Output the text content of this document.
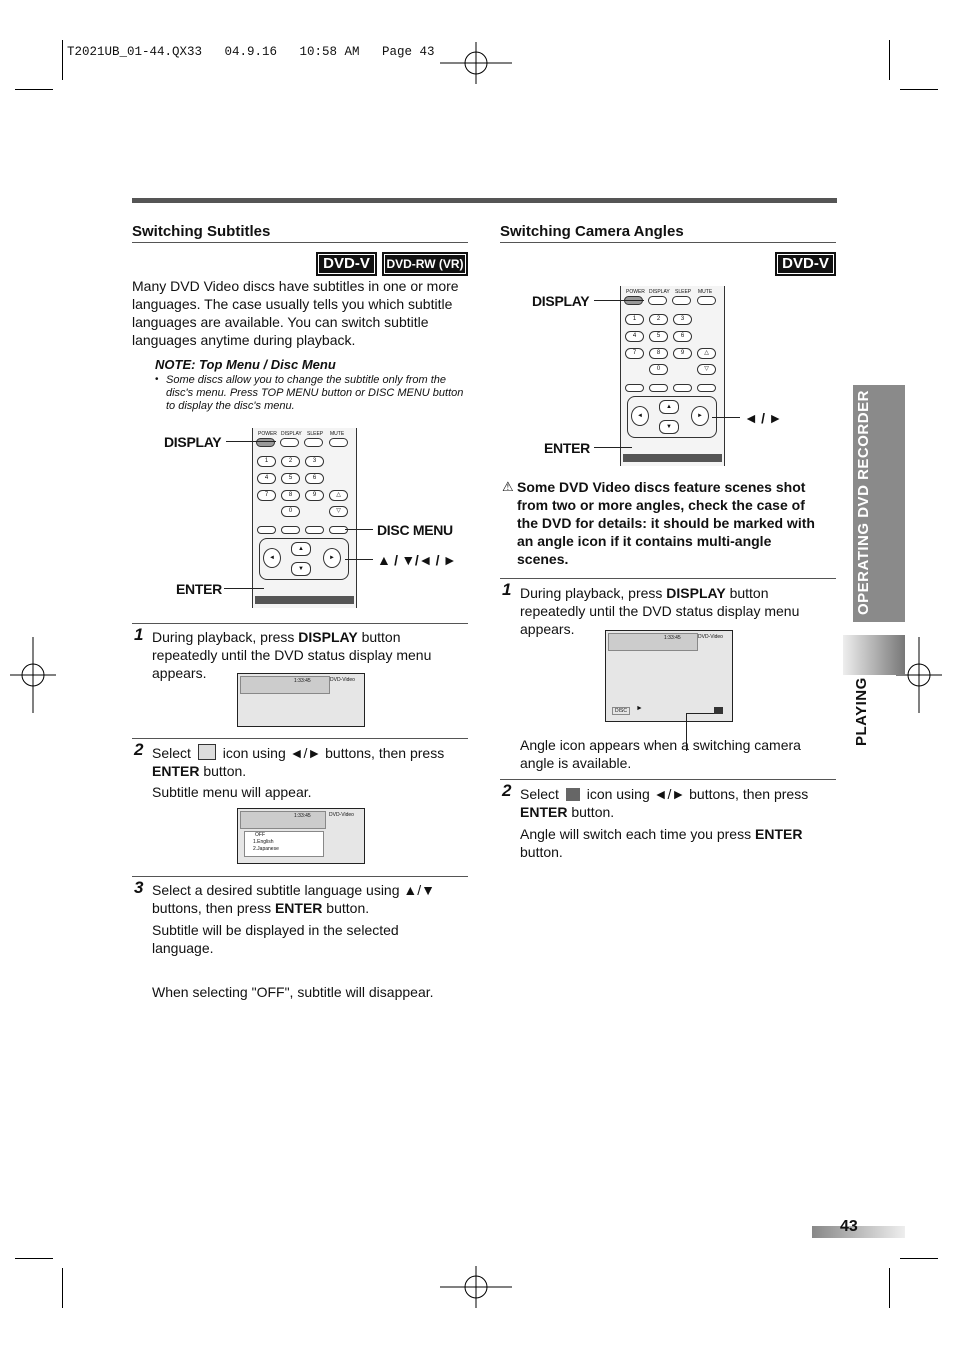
T2021UB_01-44.QX33   04.9.16   10:58 AM   Page 43
Switching Subtitles
DVD-V	DVD-RW (VR)
Many DVD Video discs have subtitles in one or more languages. The case usually tells you which subtitle languages are available. You can switch subtitle languages anytime during playback.
NOTE: Top Menu / Disc Menu
• Some discs allow you to change the subtitle only from the disc's menu. Press TOP MENU button or DISC MENU button to display the disc's menu.
POWER DISPLAY SLEEP MUTE
1	2	3
4	5	6
7	8	9	△
0	▽
◄
▲
▼
►
DISPLAY
DISC MENU
▲ / ▼/◄ / ►
ENTER
1 During playback, press DISPLAY button repeatedly until the DVD status display menu appears.	1:33:45	DVD-Video
2 Select  icon using ◄/► buttons, then press ENTER button.
Subtitle menu will appear.
1:33:45	DVD-Video
OFF
1.English
2.Japanese
3 Select a desired subtitle language using ▲/▼ buttons, then press ENTER button.
Subtitle will be displayed in the selected language.
When selecting "OFF", subtitle will disappear.
Switching Camera Angles
DVD-V
POWER DISPLAY SLEEP MUTE
1	2	3
4	5	6
7	8	9	△
0	▽
◄
▲
▼
►
DISPLAY
◄ / ►
ENTER
⚠ Some DVD Video discs feature scenes shot from two or more angles, check the case of the DVD for details: it should be marked with an angle icon if it contains multi-angle scenes.
1 During playback, press DISPLAY button repeatedly until the DVD status display menu appears.
1:33:45	DVD-Video
DISC	►
Angle icon appears when a switching camera angle is available.
2 Select  icon using ◄/► buttons, then press ENTER button.
Angle will switch each time you press ENTER button.
OPERATING DVD RECORDER
PLAYING
43
